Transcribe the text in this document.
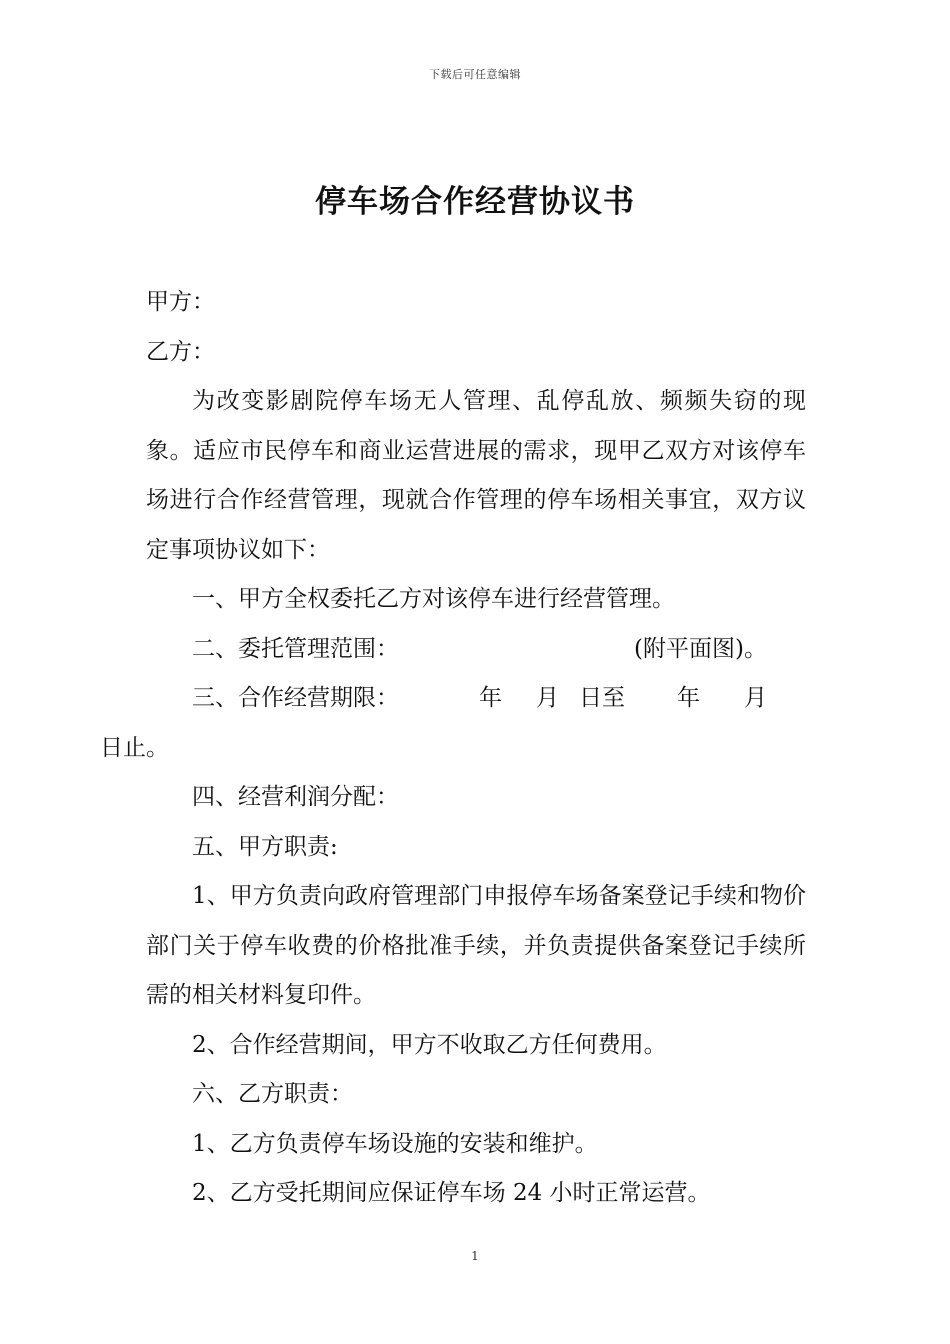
下载后可任意编辑
停车场合作经营协议书

甲方：

乙方：

为改变影剧院停车场无人管理、乱停乱放、频频失窃的现象。适应市民停车和商业运营进展的需求，现甲乙双方对该停车场进行合作经营管理，现就合作管理的停车场相关事宜，双方议定事项协议如下：

一、甲方全权委托乙方对该停车进行经营管理。

二、委托管理范围：	(附平面图)。

三、合作经营期限：	年 月 日至 年 月
日止。

四、经营利润分配：

五、甲方职责:

1、甲方负责向政府管理部门申报停车场备案登记手续和物价部门关于停车收费的价格批准手续，并负责提供备案登记手续所需的相关材料复印件。

2、合作经营期间，甲方不收取乙方任何费用。

六、乙方职责：

1、乙方负责停车场设施的安装和维护。

2、乙方受托期间应保证停车场 24 小时正常运营。

1
